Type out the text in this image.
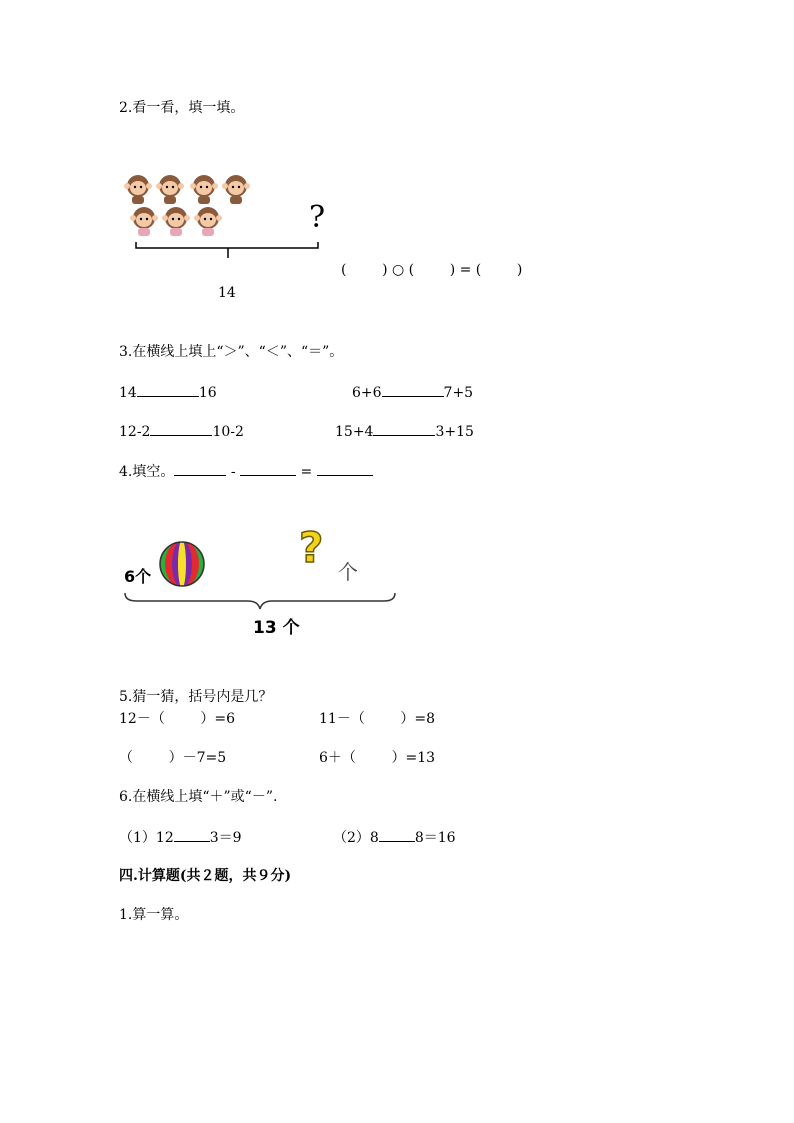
2.看一看，填一填。
?
14
(        ) ○ (        ) = (        )
3.在横线上填上“＞”、“＜”、“＝”。
14	16	6+6	7+5
12-2	10-2	15+4	3+15
4.填空。	-	=
6个
? 个
13 个
5.猜一猜，括号内是几？
12－（        ）=6	11－（        ）=8
（        ）－7=5	6＋（        ）=13
6.在横线上填“＋”或“－”.
（1）12	3＝9	（2）8	8＝16
四.计算题(共２题，共９分)
1.算一算。
